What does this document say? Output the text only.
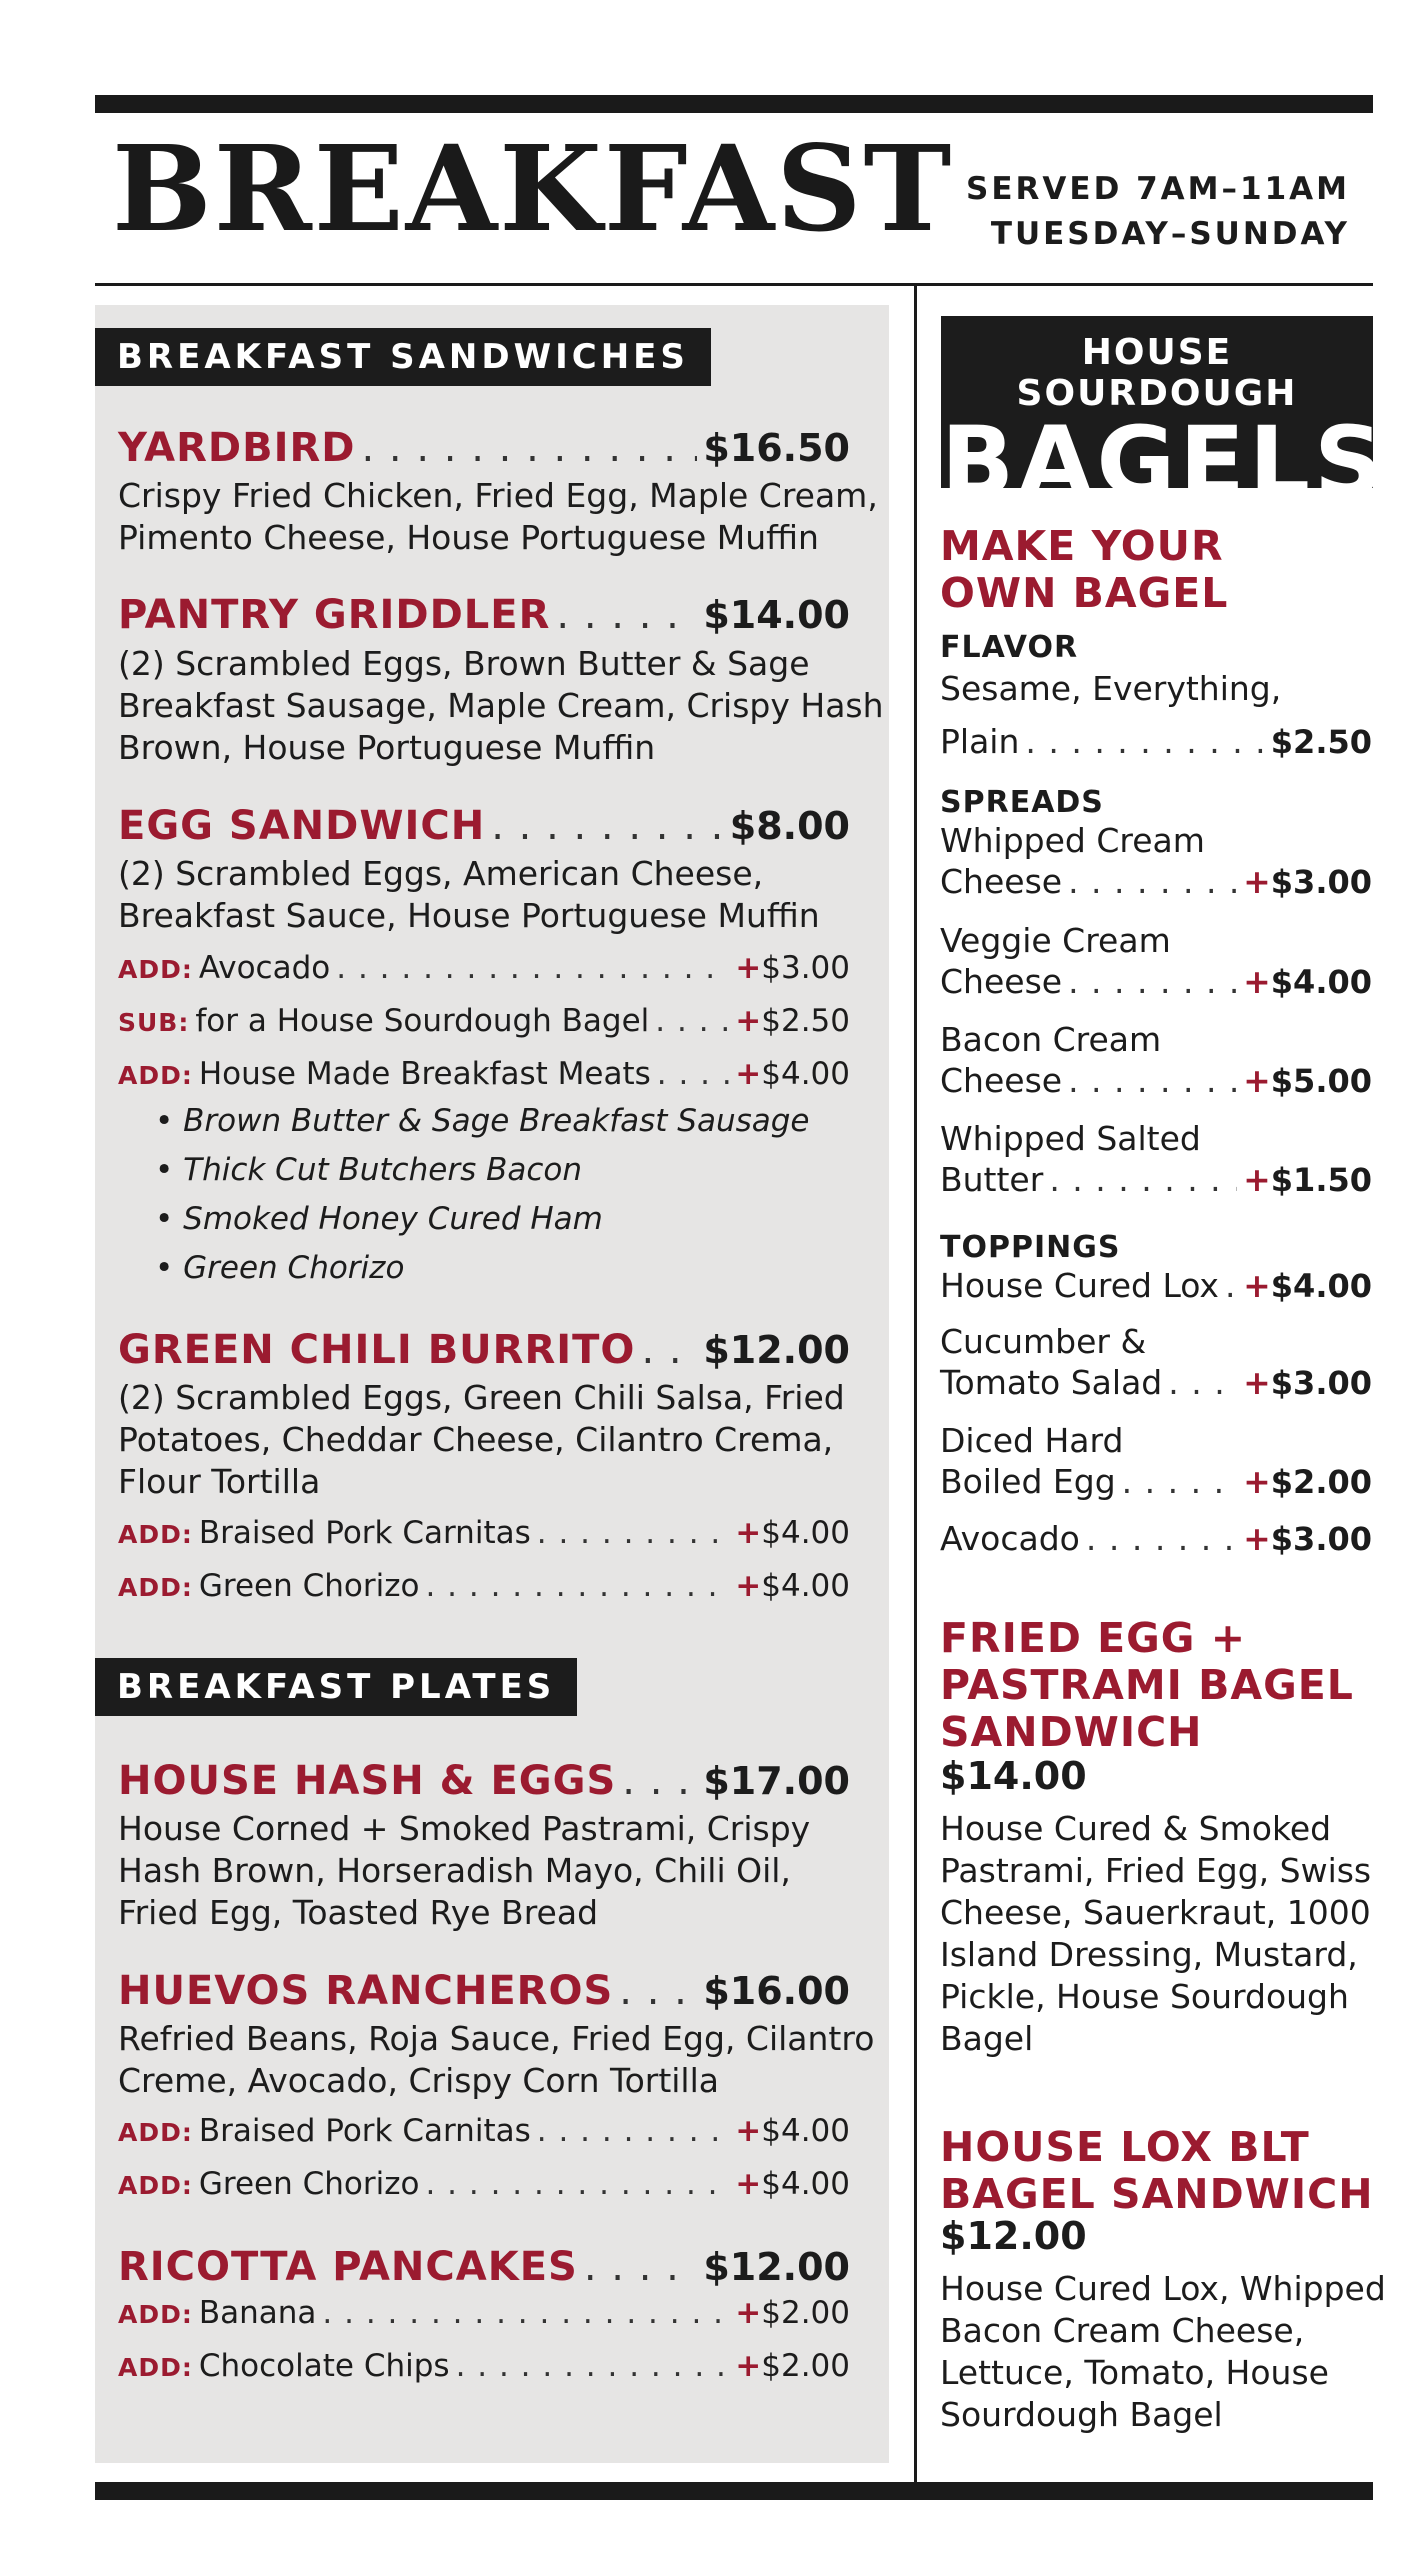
BREAKFAST SERVED 7AM–11AM
TUESDAY–SUNDAY
BREAKFAST SANDWICHES
YARDBIRD . . .	$16.50
Crispy Fried Chicken, Fried Egg, Maple Cream,
Pimento Cheese, House Portuguese Muffin
PANTRY GRIDDLER . . .	$14.00
(2) Scrambled Eggs, Brown Butter & Sage
Breakfast Sausage, Maple Cream, Crispy Hash
Brown, House Portuguese Muffin
EGG SANDWICH . . .	$8.00
(2) Scrambled Eggs, American Cheese,
Breakfast Sauce, House Portuguese Muffin
ADD: Avocado . . .	+ $3.00
SUB: for a House Sourdough Bagel . . .	+ $2.50
ADD: House Made Breakfast Meats . . .	+ $4.00
• Brown Butter & Sage Breakfast Sausage
• Thick Cut Butchers Bacon
• Smoked Honey Cured Ham
• Green Chorizo
GREEN CHILI BURRITO . . . $12.00
(2) Scrambled Eggs, Green Chili Salsa, Fried
Potatoes, Cheddar Cheese, Cilantro Crema,
Flour Tortilla
ADD: Braised Pork Carnitas . . .	+ $4.00
ADD: Green Chorizo . . .	+ $4.00
BREAKFAST PLATES
HOUSE HASH & EGGS . . . $17.00
House Corned + Smoked Pastrami, Crispy
Hash Brown, Horseradish Mayo, Chili Oil,
Fried Egg, Toasted Rye Bread
HUEVOS RANCHEROS . . . $16.00
Refried Beans, Roja Sauce, Fried Egg, Cilantro
Creme, Avocado, Crispy Corn Tortilla
ADD: Braised Pork Carnitas . . .	+ $4.00
ADD: Green Chorizo . . .	+ $4.00
RICOTTA PANCAKES . . .	$12.00
ADD: Banana . . .	+ $2.00
ADD: Chocolate Chips . . .	+ $2.00
HOUSE SOURDOUGH
BAGELS
MAKE YOUR
OWN BAGEL
FLAVOR
Sesame, Everything,
Plain . . .	$2.50
SPREADS
Whipped Cream
Cheese . . .	+ $3.00
Veggie Cream
Cheese . . .	+ $4.00
Bacon Cream
Cheese . . .	+ $5.00
Whipped Salted
Butter . . .	+ $1.50
TOPPINGS
House Cured Lox . . . + $4.00
Cucumber &
Tomato Salad . . . + $3.00
Diced Hard
Boiled Egg . . .	+ $2.00
Avocado . . .	+ $3.00
FRIED EGG +
PASTRAMI BAGEL
SANDWICH
$14.00
House Cured & Smoked
Pastrami, Fried Egg, Swiss
Cheese, Sauerkraut, 1000
Island Dressing, Mustard,
Pickle, House Sourdough
Bagel
HOUSE LOX BLT
BAGEL SANDWICH
$12.00
House Cured Lox, Whipped
Bacon Cream Cheese,
Lettuce, Tomato, House
Sourdough Bagel
